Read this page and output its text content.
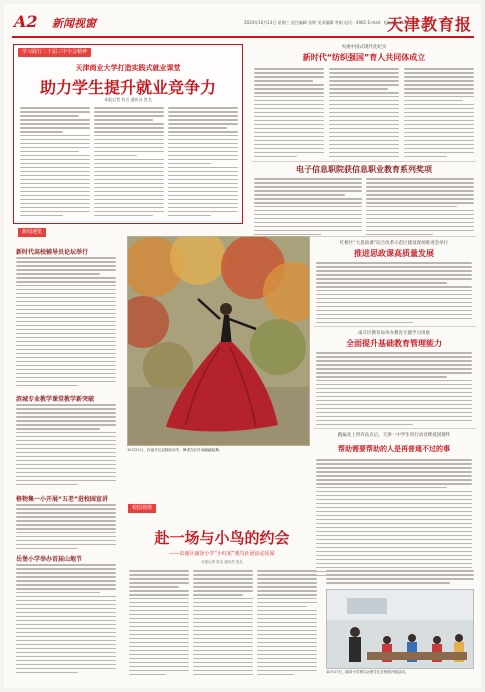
A2 新闻视窗	2024年10月23日 星期三 责任编辑 张婷 美术编辑 李娟 电话：4981 E-mail：tjjzyb@163.com
天津教育报
学习践行二十届三中全会精神
天津商业大学打造实践式就业课堂
助力学生提升就业竞争力
本报记者 姓名 通讯员 姓名
央视中国式现代化纪实
新时代“纺织强国”育人共同体成立
电子信息职院获信息职业教育系列奖项
红桥区“大思政课”综合改革示范区建设现场推进会举行
推进思政课高质量发展
南开区教育局举办教育专题学习讲座
全面提升基础教育管理能力
跑遍北上所有站点后，天津一中学生用行动诠释爱国情怀
帮助需要帮助的人是再普通不过的事
新闻速览
新时代高校辅导员论坛举行
滨城专业教学课堂教学新突破
格物集一小开展“五老”进校园宣讲
岳堡小学举办首届山地节
10月21日，在南开区双拥活动中，舞者在红叶前翩翩起舞。
校园视窗
赴一场与小鸟的约会
——东丽区丽泽小学“小红花”观鸟社团活动见闻
本报记者 姓名 通讯员 姓名
10月17日，丽泽小学观鸟社团学生在校园开展活动。
